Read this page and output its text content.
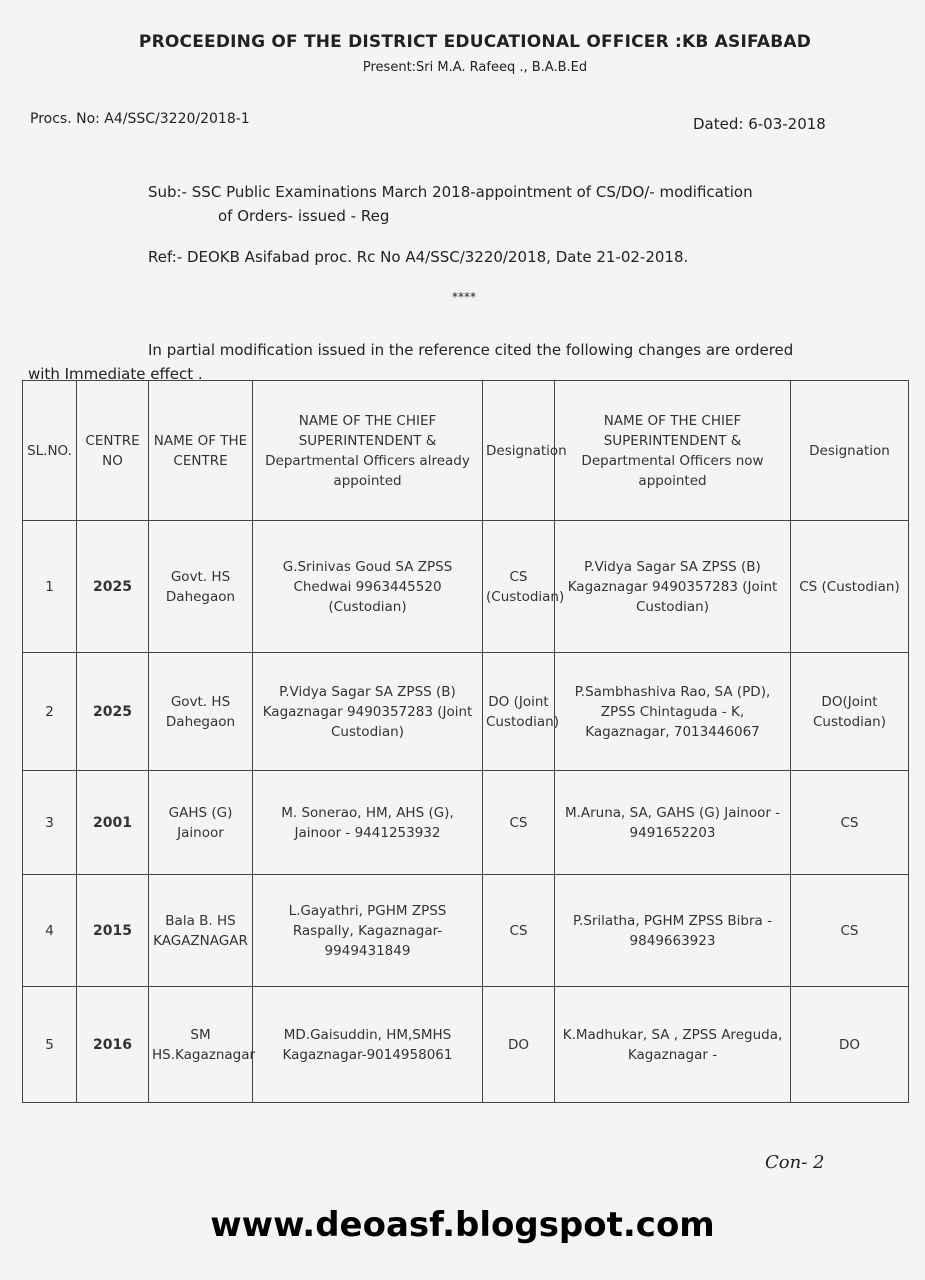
PROCEEDING OF THE DISTRICT EDUCATIONAL OFFICER :KB ASIFABAD
Present:Sri M.A. Rafeeq ., B.A.B.Ed
Procs. No: A4/SSC/3220/2018-1	Dated: 6-03-2018
Sub:- SSC Public Examinations March 2018-appointment of CS/DO/- modification
of Orders- issued - Reg
Ref:- DEOKB Asifabad proc. Rc No A4/SSC/3220/2018, Date 21-02-2018.
****
In partial modification issued in the reference cited the following changes are ordered
with Immediate effect .
SL.NO.	CENTRE NO	NAME OF THE CENTRE	NAME OF THE CHIEF SUPERINTENDENT & Departmental Officers already appointed	Designation	NAME OF THE CHIEF SUPERINTENDENT & Departmental Officers now appointed	Designation
1	2025	Govt. HS Dahegaon	G.Srinivas Goud SA ZPSS Chedwai 9963445520 (Custodian)	CS (Custodian)	P.Vidya Sagar SA ZPSS (B) Kagaznagar 9490357283 (Joint Custodian)	CS (Custodian)
2	2025	Govt. HS Dahegaon	P.Vidya Sagar SA ZPSS (B) Kagaznagar 9490357283 (Joint Custodian)	DO (Joint Custodian)	P.Sambhashiva Rao, SA (PD), ZPSS Chintaguda - K, Kagaznagar, 7013446067	DO(Joint Custodian)
3	2001	GAHS (G) Jainoor	M. Sonerao, HM, AHS (G), Jainoor - 9441253932	CS	M.Aruna, SA, GAHS (G) Jainoor - 9491652203	CS
4	2015	Bala B. HS KAGAZNAGAR	L.Gayathri, PGHM ZPSS Raspally, Kagaznagar- 9949431849	CS	P.Srilatha, PGHM ZPSS Bibra - 9849663923	CS
5	2016	SM HS.Kagaznagar	MD.Gaisuddin, HM,SMHS Kagaznagar-9014958061	DO	K.Madhukar, SA , ZPSS Areguda, Kagaznagar -	DO
Con- 2
www.deoasf.blogspot.com
